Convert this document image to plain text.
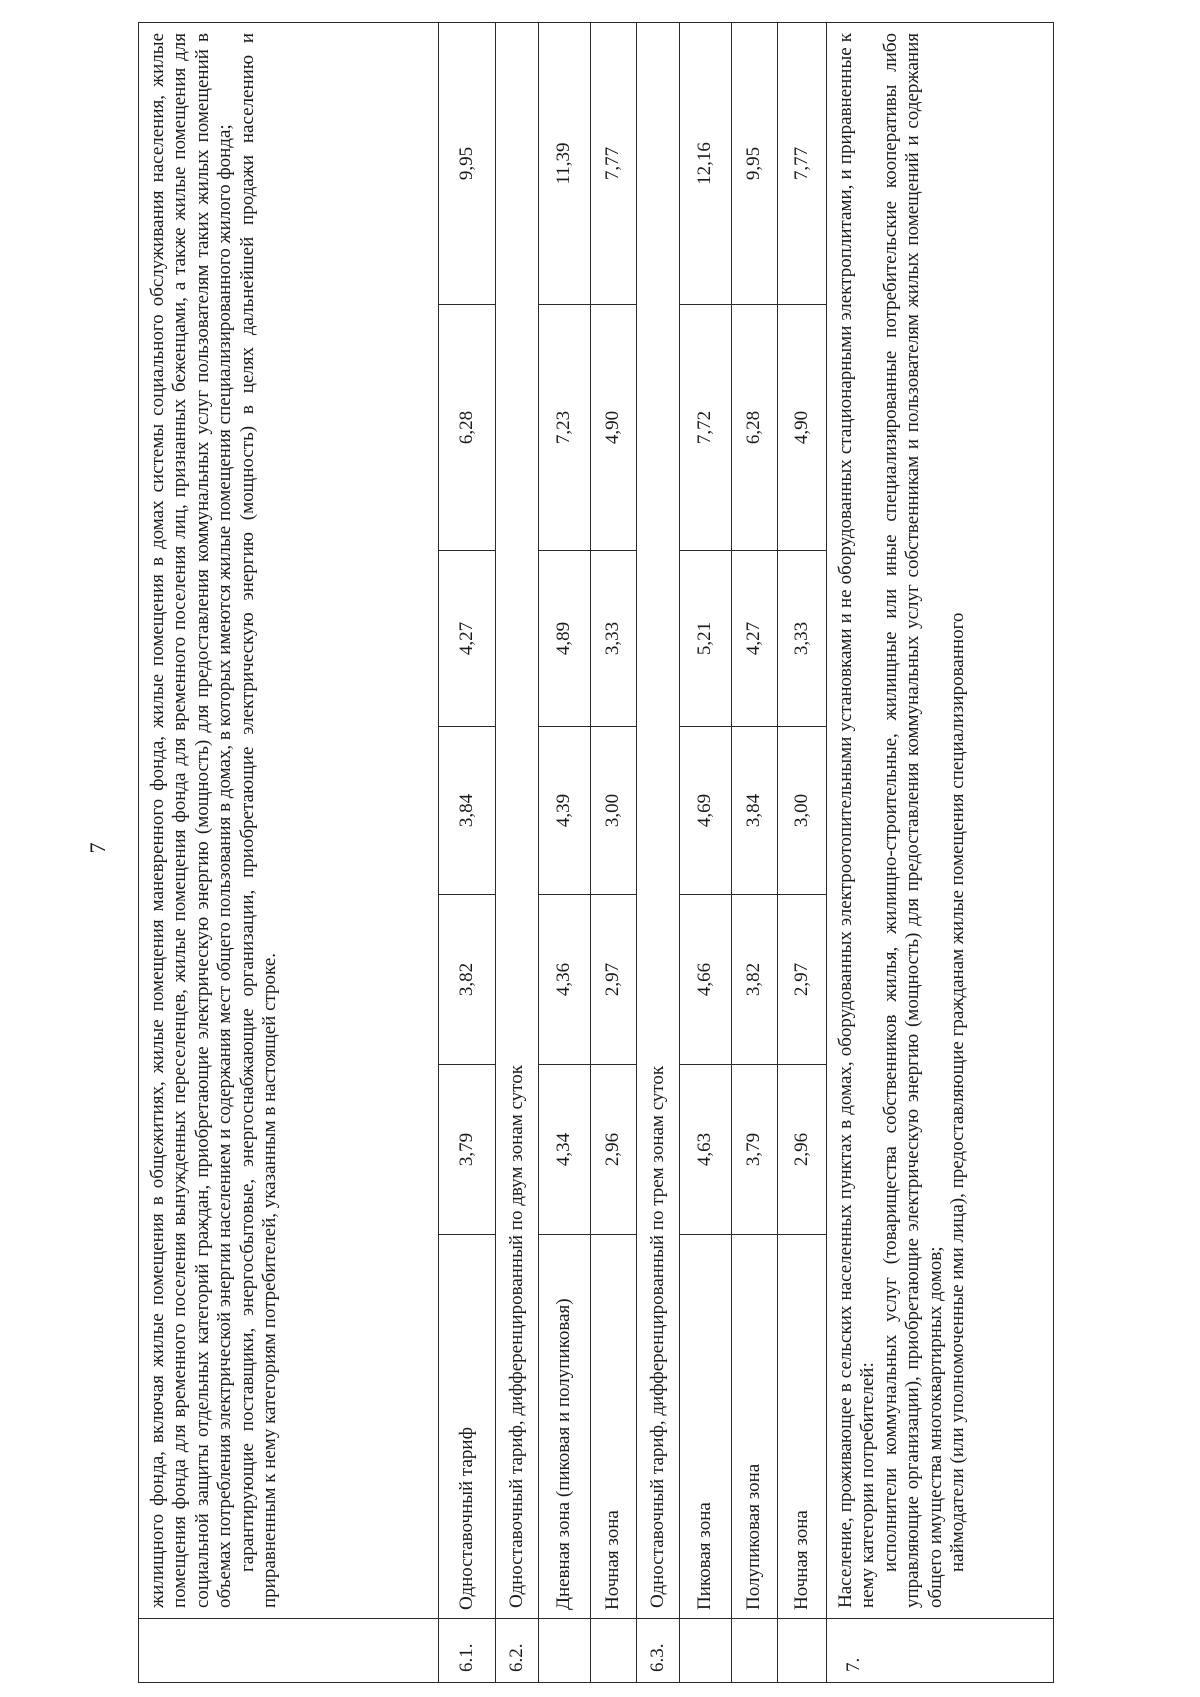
7

	жилищного фонда, включая жилые помещения в общежитиях, жилые помещения маневренного фонда, жилые помещения в домах системы социального обслуживания населения, жилые помещения фонда для временного поселения вынужденных переселенцев, жилые помещения фонда для временного поселения лиц, признанных беженцами, а также жилые помещения для социальной защиты отдельных категорий граждан, приобретающие электрическую энергию (мощность) для предоставления коммунальных услуг пользователям таких жилых помещений в объемах потребления электрической энергии населением и содержания мест общего пользования в домах, в которых имеются жилые помещения специализированного жилого фонда; гарантирующие поставщики, энергосбытовые, энергоснабжающие организации, приобретающие электрическую энергию (мощность) в целях дальнейшей продажи населению и приравненным к нему категориям потребителей, указанным в настоящей строке.						

6.1.	Одноставочный тариф	3,79	3,82	3,84	4,27	6,28	9,95
6.2.	Одноставочный тариф, дифференцированный по двум зонам суток						
	Дневная зона (пиковая и полупиковая)	4,34	4,36	4,39	4,89	7,23	11,39
	Ночная зона	2,96	2,97	3,00	3,33	4,90	7,77
6.3.	Одноставочный тариф, дифференцированный по трем зонам суток						
	Пиковая зона	4,63	4,66	4,69	5,21	7,72	12,16
	Полупиковая зона	3,79	3,82	3,84	4,27	6,28	9,95
	Ночная зона	2,96	2,97	3,00	3,33	4,90	7,77
7.	Население, проживающее в сельских населенных пунктах в домах, оборудованных электроотопительными установками и не оборудованных стационарными электроплитами, и приравненные к нему категории потребителей: исполнители коммунальных услуг (товарищества собственников жилья, жилищно-строительные, жилищные или иные специализированные потребительские кооперативы либо управляющие организации), приобретающие электрическую энергию (мощность) для предоставления коммунальных услуг собственникам и пользователям жилых помещений и содержания общего имущества многоквартирных домов; наймодатели (или уполномоченные ими лица), предоставляющие гражданам жилые помещения специализированного						
